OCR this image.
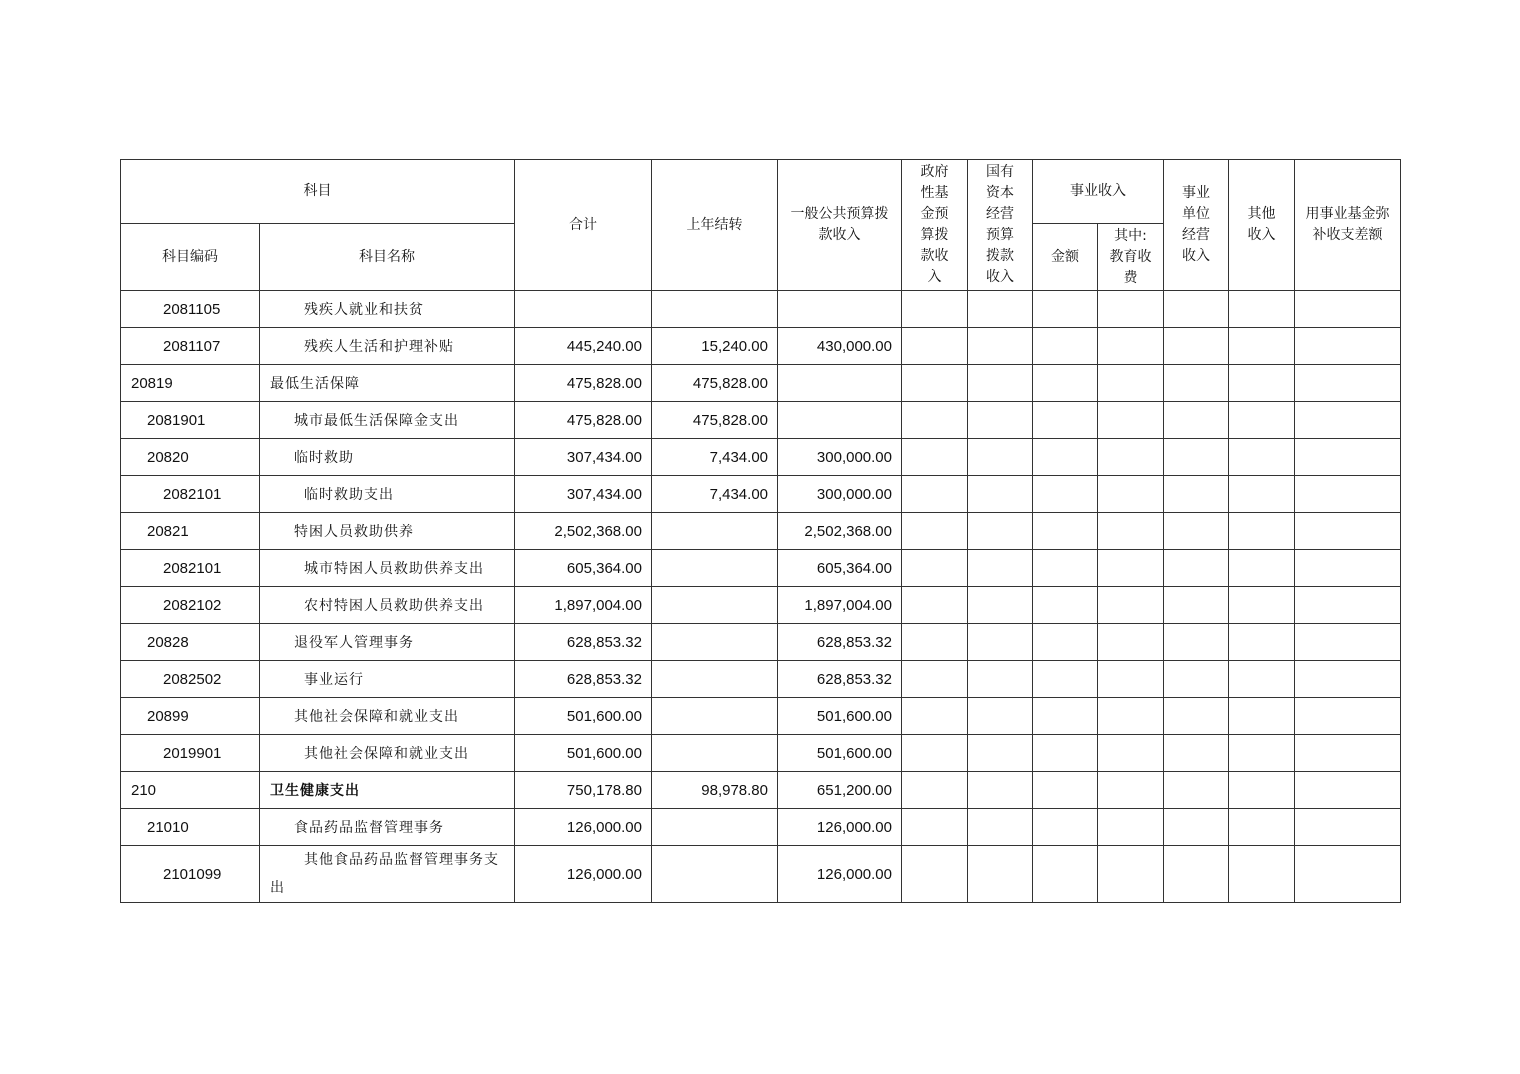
科目		合计	上年结转	一般公共预算拨款收入	政府性基金预算拨款收入	国有资本经营预算拨款收入	事业收入		事业单位经营收入	其他收入	用事业基金弥补收支差额
科目编码	科目名称						金额	其中:教育收费			
2081105	残疾人就业和扶贫										
2081107	残疾人生活和护理补贴	445,240.00	15,240.00	430,000.00							
20819	最低生活保障	475,828.00	475,828.00								
2081901	城市最低生活保障金支出	475,828.00	475,828.00								
20820	临时救助	307,434.00	7,434.00	300,000.00							
2082101	临时救助支出	307,434.00	7,434.00	300,000.00							
20821	特困人员救助供养	2,502,368.00		2,502,368.00							
2082101	城市特困人员救助供养支出	605,364.00		605,364.00							
2082102	农村特困人员救助供养支出	1,897,004.00		1,897,004.00							
20828	退役军人管理事务	628,853.32		628,853.32							
2082502	事业运行	628,853.32		628,853.32							
20899	其他社会保障和就业支出	501,600.00		501,600.00							
2019901	其他社会保障和就业支出	501,600.00		501,600.00							
210	卫生健康支出	750,178.80	98,978.80	651,200.00							
21010	食品药品监督管理事务	126,000.00		126,000.00							
2101099	其他食品药品监督管理事务支出	126,000.00		126,000.00							
